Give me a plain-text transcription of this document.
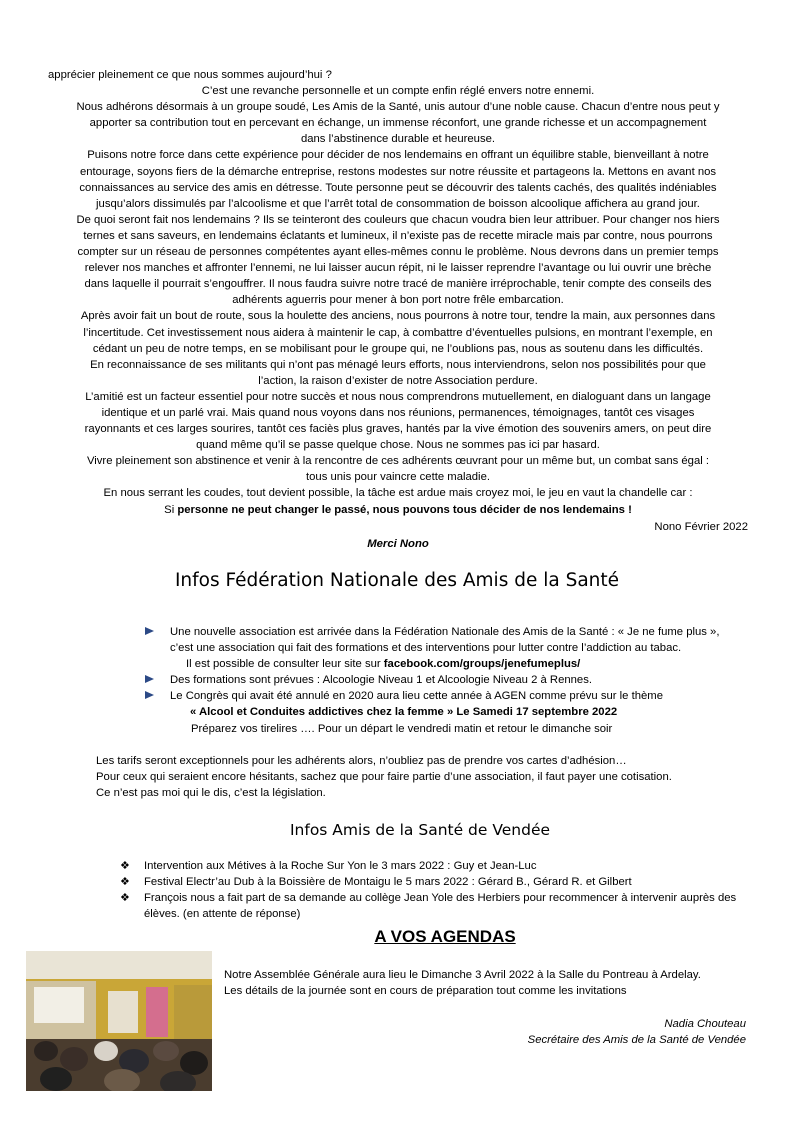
apprécier pleinement ce que nous sommes aujourd’hui ?

C’est une revanche personnelle et un compte enfin réglé envers notre ennemi.

Nous adhérons désormais à un groupe soudé, Les Amis de la Santé, unis autour d’une noble cause. Chacun d’entre nous peut y

apporter sa contribution tout en percevant en échange, un immense réconfort, une grande richesse et un accompagnement

dans l’abstinence durable et heureuse.

Puisons notre force dans cette expérience pour décider de nos lendemains en offrant un équilibre stable, bienveillant à notre

entourage, soyons fiers de la démarche entreprise, restons modestes sur notre réussite et partageons la. Mettons en avant nos

connaissances au service des amis en détresse. Toute personne peut se découvrir des talents cachés, des qualités indéniables

jusqu’alors dissimulés par l’alcoolisme et que l’arrêt total de consommation de boisson alcoolique affichera au grand jour.

De quoi seront fait nos lendemains ? Ils se teinteront des couleurs que chacun voudra bien leur attribuer. Pour changer nos hiers

ternes et sans saveurs, en lendemains éclatants et lumineux, il n’existe pas de recette miracle mais par contre, nous pourrons

compter sur un réseau de personnes compétentes ayant elles-mêmes connu le problème. Nous devrons dans un premier temps

relever nos manches et affronter l’ennemi, ne lui laisser aucun répit, ni le laisser reprendre l’avantage ou lui ouvrir une brèche

dans laquelle il pourrait s’engouffrer. Il nous faudra suivre notre tracé de manière irréprochable, tenir compte des conseils des

adhérents aguerris pour mener à bon port notre frêle embarcation.

Après avoir fait un bout de route, sous la houlette des anciens, nous pourrons à notre tour, tendre la main, aux personnes dans

l’incertitude. Cet investissement nous aidera à maintenir le cap, à combattre d’éventuelles pulsions, en montrant l’exemple, en

cédant un peu de notre temps, en se mobilisant pour le groupe qui, ne l’oublions pas, nous as soutenu dans les difficultés.

En reconnaissance de ses militants qui n’ont pas ménagé leurs efforts, nous interviendrons, selon nos possibilités pour que

l’action, la raison d’exister de notre Association perdure.

L’amitié est un facteur essentiel pour notre succès et nous nous comprendrons mutuellement, en dialoguant dans un langage

identique et un parlé vrai. Mais quand nous voyons dans nos réunions, permanences, témoignages, tantôt ces visages

rayonnants et ces larges sourires, tantôt ces faciès plus graves, hantés par la vive émotion des souvenirs amers, on peut dire

quand même qu’il se passe quelque chose. Nous ne sommes pas ici par hasard.

Vivre pleinement son abstinence et venir à la rencontre de ces adhérents œuvrant pour un même but, un combat sans égal :

tous unis pour vaincre cette maladie.

En nous serrant les coudes, tout devient possible, la tâche est ardue mais croyez moi, le jeu en vaut la chandelle car :

Si personne ne peut changer le passé, nous pouvons tous décider de nos lendemains !

Nono Février 2022

Merci Nono

Infos Fédération Nationale des Amis de la Santé
Une nouvelle association est arrivée dans la Fédération Nationale des Amis de la Santé : « Je ne fume plus », c’est une association qui fait des formations et des interventions pour lutter contre l’addiction au tabac.

Il est possible de consulter leur site sur facebook.com/groups/jenefumeplus/

Des formations sont prévues : Alcoologie Niveau 1 et Alcoologie Niveau 2 à Rennes.
Le Congrès qui avait été annulé en 2020 aura lieu cette année à AGEN comme prévu sur le thème

« Alcool et Conduites addictives chez la femme » Le Samedi 17 septembre 2022

Préparez vos tirelires …. Pour un départ le vendredi matin et retour le dimanche soir

Les tarifs seront exceptionnels pour les adhérents alors, n’oubliez pas de prendre vos cartes d’adhésion…

Pour ceux qui seraient encore hésitants, sachez que pour faire partie d’une association, il faut payer une cotisation.

Ce n’est pas moi qui le dis, c’est la législation.

Infos Amis de la Santé de Vendée
❖ Intervention aux Métives à la Roche Sur Yon le 3 mars 2022 : Guy et Jean-Luc
❖ Festival Electr’au Dub à la Boissière de Montaigu le 5 mars 2022 : Gérard B., Gérard R. et Gilbert
❖ François nous a fait part de sa demande au collège Jean Yole des Herbiers pour recommencer à intervenir auprès des élèves. (en attente de réponse)
A VOS AGENDAS

Notre Assemblée Générale aura lieu le Dimanche 3 Avril 2022 à la Salle du Pontreau à Ardelay.

Les détails de la journée sont en cours de préparation tout comme les invitations

Nadia Chouteau

Secrétaire des Amis de la Santé de Vendée
